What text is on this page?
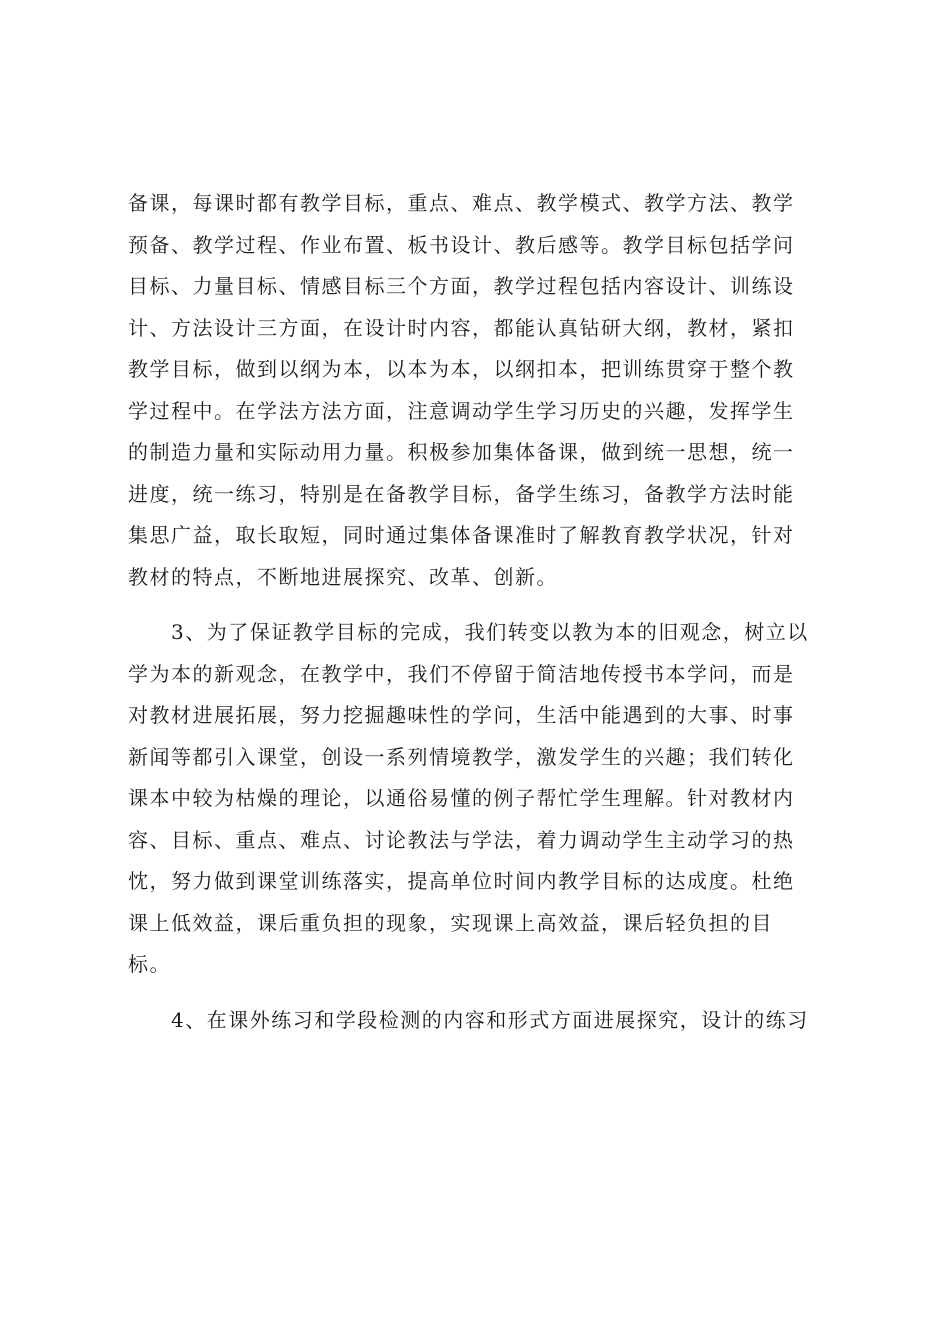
备课，每课时都有教学目标，重点、难点、教学模式、教学方法、教学
预备、教学过程、作业布置、板书设计、教后感等。教学目标包括学问
目标、力量目标、情感目标三个方面，教学过程包括内容设计、训练设
计、方法设计三方面，在设计时内容，都能认真钻研大纲，教材，紧扣
教学目标，做到以纲为本，以本为本，以纲扣本，把训练贯穿于整个教
学过程中。在学法方法方面，注意调动学生学习历史的兴趣，发挥学生
的制造力量和实际动用力量。积极参加集体备课，做到统一思想，统一
进度，统一练习，特别是在备教学目标，备学生练习，备教学方法时能
集思广益，取长取短，同时通过集体备课准时了解教育教学状况，针对
教材的特点，不断地进展探究、改革、创新。
　　3、为了保证教学目标的完成，我们转变以教为本的旧观念，树立以
学为本的新观念，在教学中，我们不停留于简洁地传授书本学问，而是
对教材进展拓展，努力挖掘趣味性的学问，生活中能遇到的大事、时事
新闻等都引入课堂，创设一系列情境教学，激发学生的兴趣；我们转化
课本中较为枯燥的理论，以通俗易懂的例子帮忙学生理解。针对教材内
容、目标、重点、难点、讨论教法与学法，着力调动学生主动学习的热
忱，努力做到课堂训练落实，提高单位时间内教学目标的达成度。杜绝
课上低效益，课后重负担的现象，实现课上高效益，课后轻负担的目
标。
　　4、在课外练习和学段检测的内容和形式方面进展探究，设计的练习
